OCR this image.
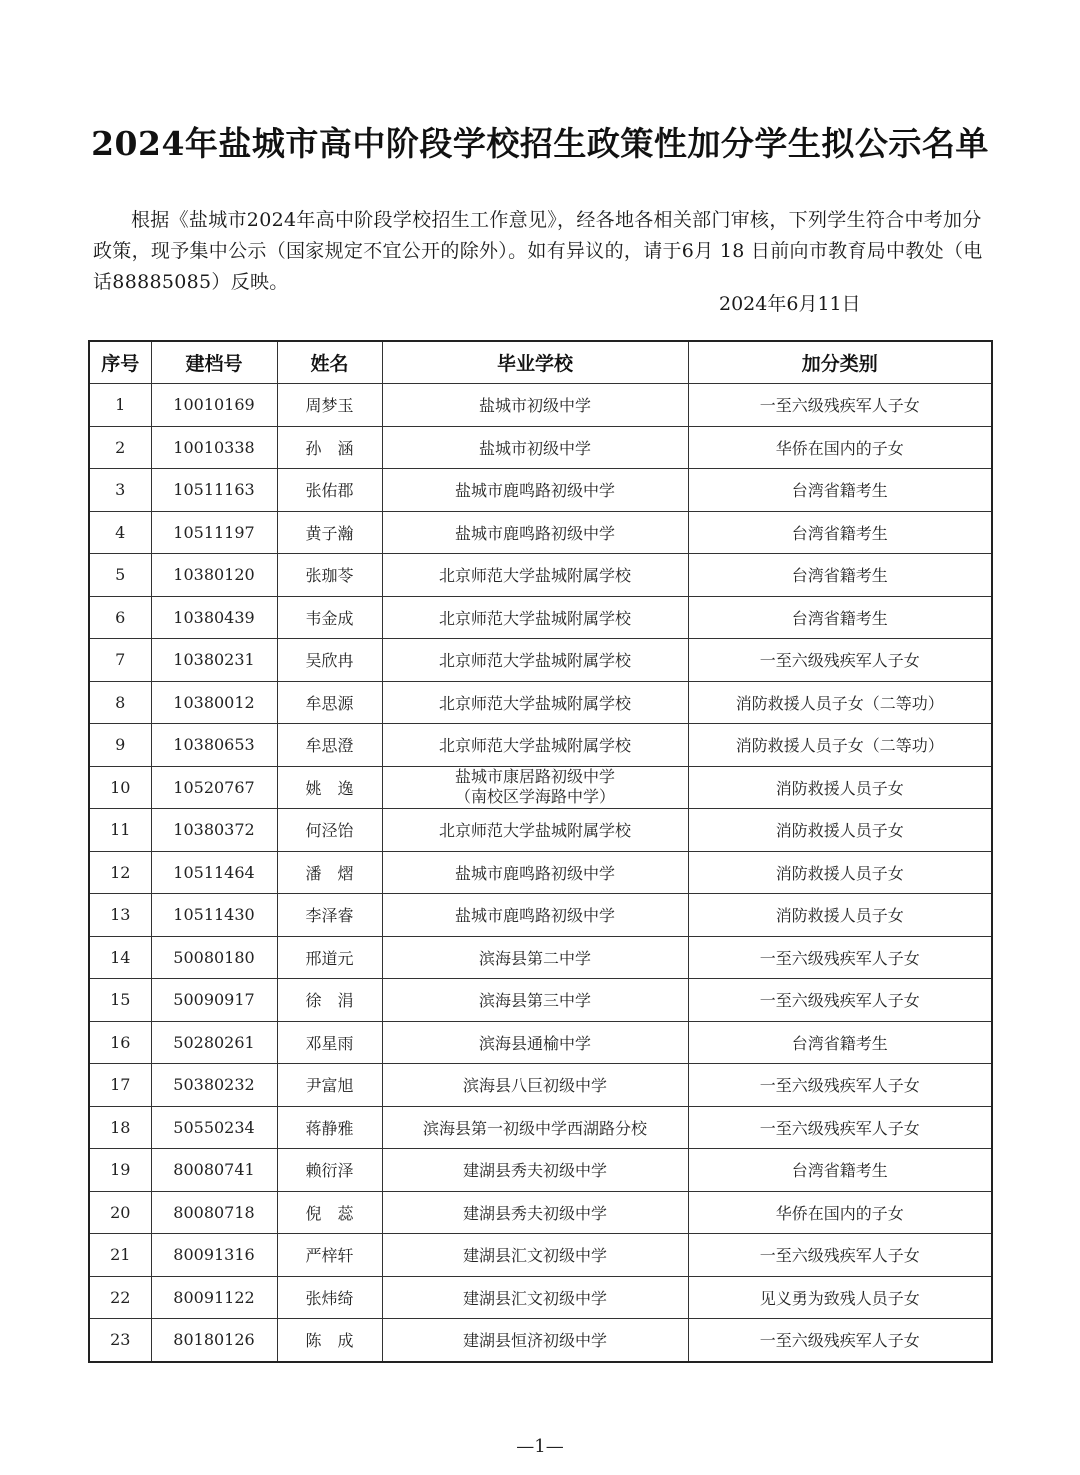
2024年盐城市高中阶段学校招生政策性加分学生拟公示名单
根据《盐城市2024年高中阶段学校招生工作意见》，经各地各相关部门审核，下列学生符合中考加分政策，现予集中公示（国家规定不宜公开的除外）。如有异议的，请于6月 18 日前向市教育局中教处（电话88885085）反映。
2024年6月11日
序号	建档号	姓名	毕业学校	加分类别
1	10010169	周梦玉	盐城市初级中学	一至六级残疾军人子女
2	10010338	孙　涵	盐城市初级中学	华侨在国内的子女
3	10511163	张佑郡	盐城市鹿鸣路初级中学	台湾省籍考生
4	10511197	黄子瀚	盐城市鹿鸣路初级中学	台湾省籍考生
5	10380120	张珈苓	北京师范大学盐城附属学校	台湾省籍考生
6	10380439	韦金成	北京师范大学盐城附属学校	台湾省籍考生
7	10380231	吴欣冉	北京师范大学盐城附属学校	一至六级残疾军人子女
8	10380012	牟思源	北京师范大学盐城附属学校	消防救援人员子女（二等功）
9	10380653	牟思澄	北京师范大学盐城附属学校	消防救援人员子女（二等功）
10	10520767	姚　逸	盐城市康居路初级中学
（南校区学海路中学）	消防救援人员子女
11	10380372	何泾饴	北京师范大学盐城附属学校	消防救援人员子女
12	10511464	潘　熠	盐城市鹿鸣路初级中学	消防救援人员子女
13	10511430	李泽睿	盐城市鹿鸣路初级中学	消防救援人员子女
14	50080180	邢道元	滨海县第二中学	一至六级残疾军人子女
15	50090917	徐　涓	滨海县第三中学	一至六级残疾军人子女
16	50280261	邓星雨	滨海县通榆中学	台湾省籍考生
17	50380232	尹富旭	滨海县八巨初级中学	一至六级残疾军人子女
18	50550234	蒋静雅	滨海县第一初级中学西湖路分校	一至六级残疾军人子女
19	80080741	赖衍泽	建湖县秀夫初级中学	台湾省籍考生
20	80080718	倪　蕊	建湖县秀夫初级中学	华侨在国内的子女
21	80091316	严梓轩	建湖县汇文初级中学	一至六级残疾军人子女
22	80091122	张炜绮	建湖县汇文初级中学	见义勇为致残人员子女
23	80180126	陈　成	建湖县恒济初级中学	一至六级残疾军人子女
—1—
